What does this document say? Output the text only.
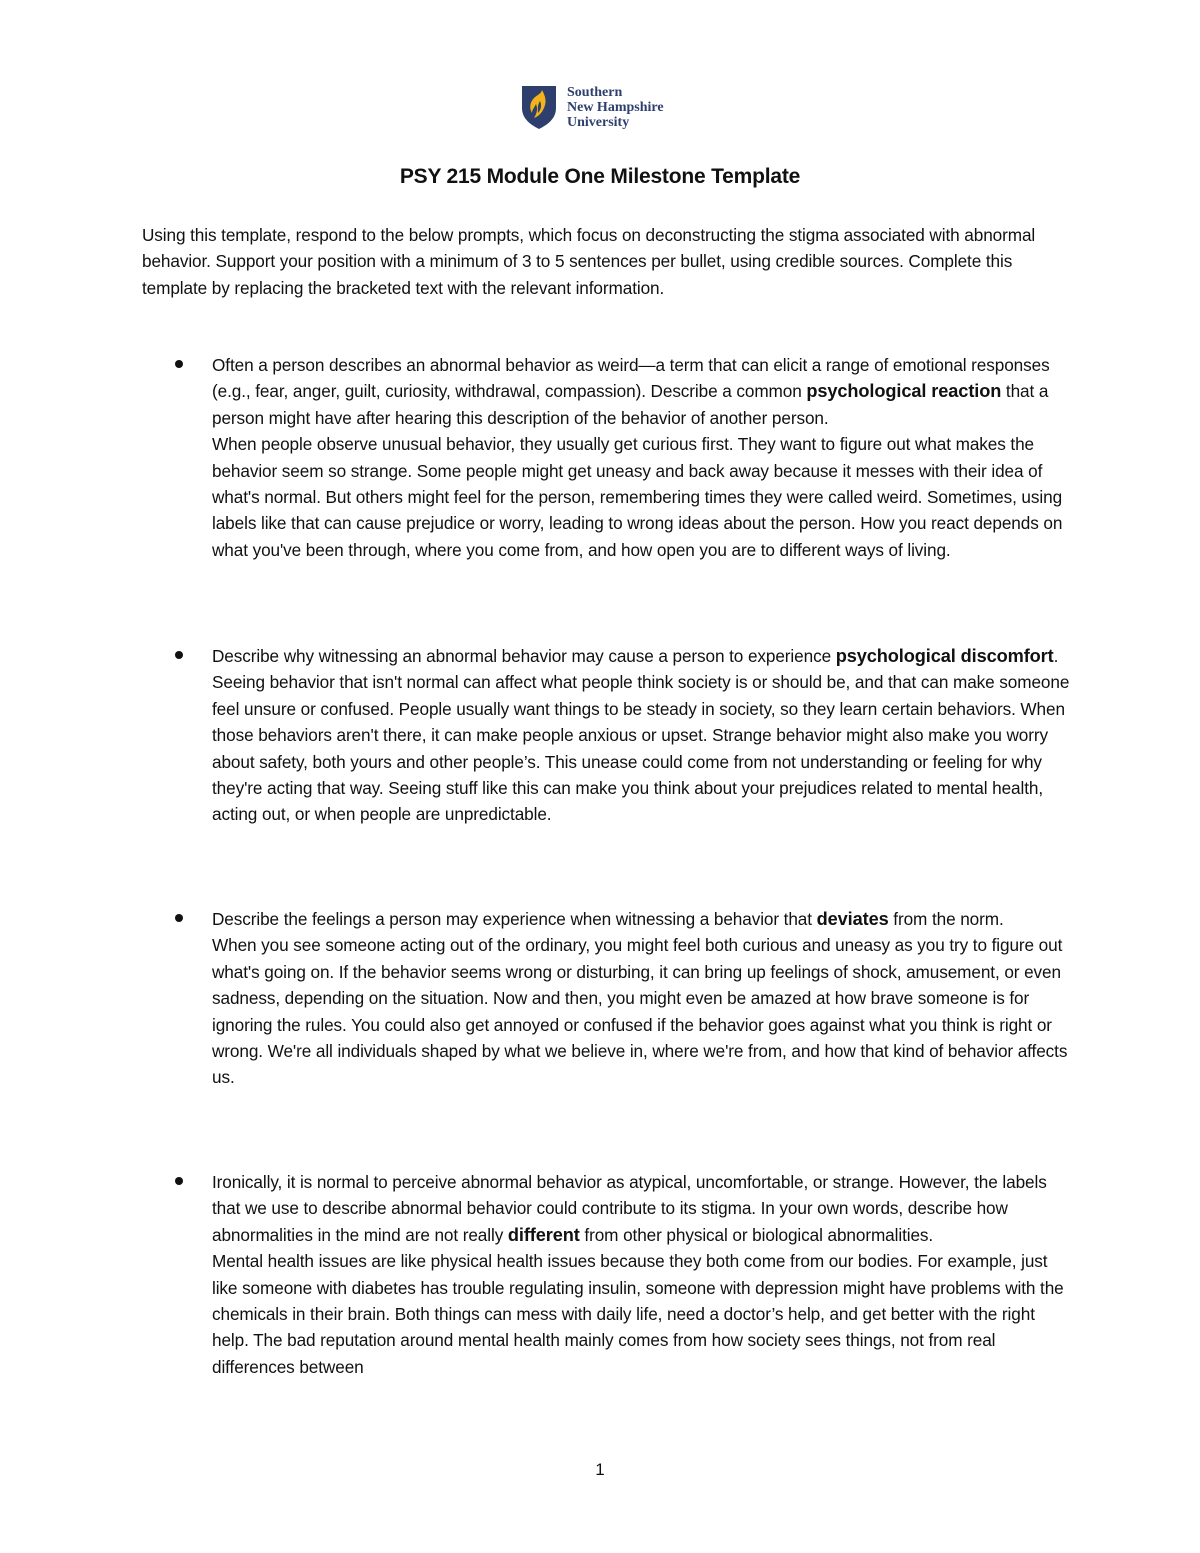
Southern
New Hampshire
University
PSY 215 Module One Milestone Template
Using this template, respond to the below prompts, which focus on deconstructing the stigma associated with abnormal behavior. Support your position with a minimum of 3 to 5 sentences per bullet, using credible sources. Complete this template by replacing the bracketed text with the relevant information.
Often a person describes an abnormal behavior as weird—a term that can elicit a range of emotional responses (e.g., fear, anger, guilt, curiosity, withdrawal, compassion). Describe a common psychological reaction that a person might have after hearing this description of the behavior of another person.
When people observe unusual behavior, they usually get curious first. They want to figure out what makes the behavior seem so strange. Some people might get uneasy and back away because it messes with their idea of what's normal. But others might feel for the person, remembering times they were called weird. Sometimes, using labels like that can cause prejudice or worry, leading to wrong ideas about the person. How you react depends on what you've been through, where you come from, and how open you are to different ways of living.
Describe why witnessing an abnormal behavior may cause a person to experience psychological discomfort.
Seeing behavior that isn't normal can affect what people think society is or should be, and that can make someone feel unsure or confused. People usually want things to be steady in society, so they learn certain behaviors. When those behaviors aren't there, it can make people anxious or upset. Strange behavior might also make you worry about safety, both yours and other people’s. This unease could come from not understanding or feeling for why they're acting that way. Seeing stuff like this can make you think about your prejudices related to mental health, acting out, or when people are unpredictable.
Describe the feelings a person may experience when witnessing a behavior that deviates from the norm.
When you see someone acting out of the ordinary, you might feel both curious and uneasy as you try to figure out what's going on. If the behavior seems wrong or disturbing, it can bring up feelings of shock, amusement, or even sadness, depending on the situation. Now and then, you might even be amazed at how brave someone is for ignoring the rules. You could also get annoyed or confused if the behavior goes against what you think is right or wrong. We're all individuals shaped by what we believe in, where we're from, and how that kind of behavior affects us.
Ironically, it is normal to perceive abnormal behavior as atypical, uncomfortable, or strange. However, the labels that we use to describe abnormal behavior could contribute to its stigma. In your own words, describe how abnormalities in the mind are not really different from other physical or biological abnormalities.
Mental health issues are like physical health issues because they both come from our bodies. For example, just like someone with diabetes has trouble regulating insulin, someone with depression might have problems with the chemicals in their brain. Both things can mess with daily life, need a doctor’s help, and get better with the right help. The bad reputation around mental health mainly comes from how society sees things, not from real differences between
1
